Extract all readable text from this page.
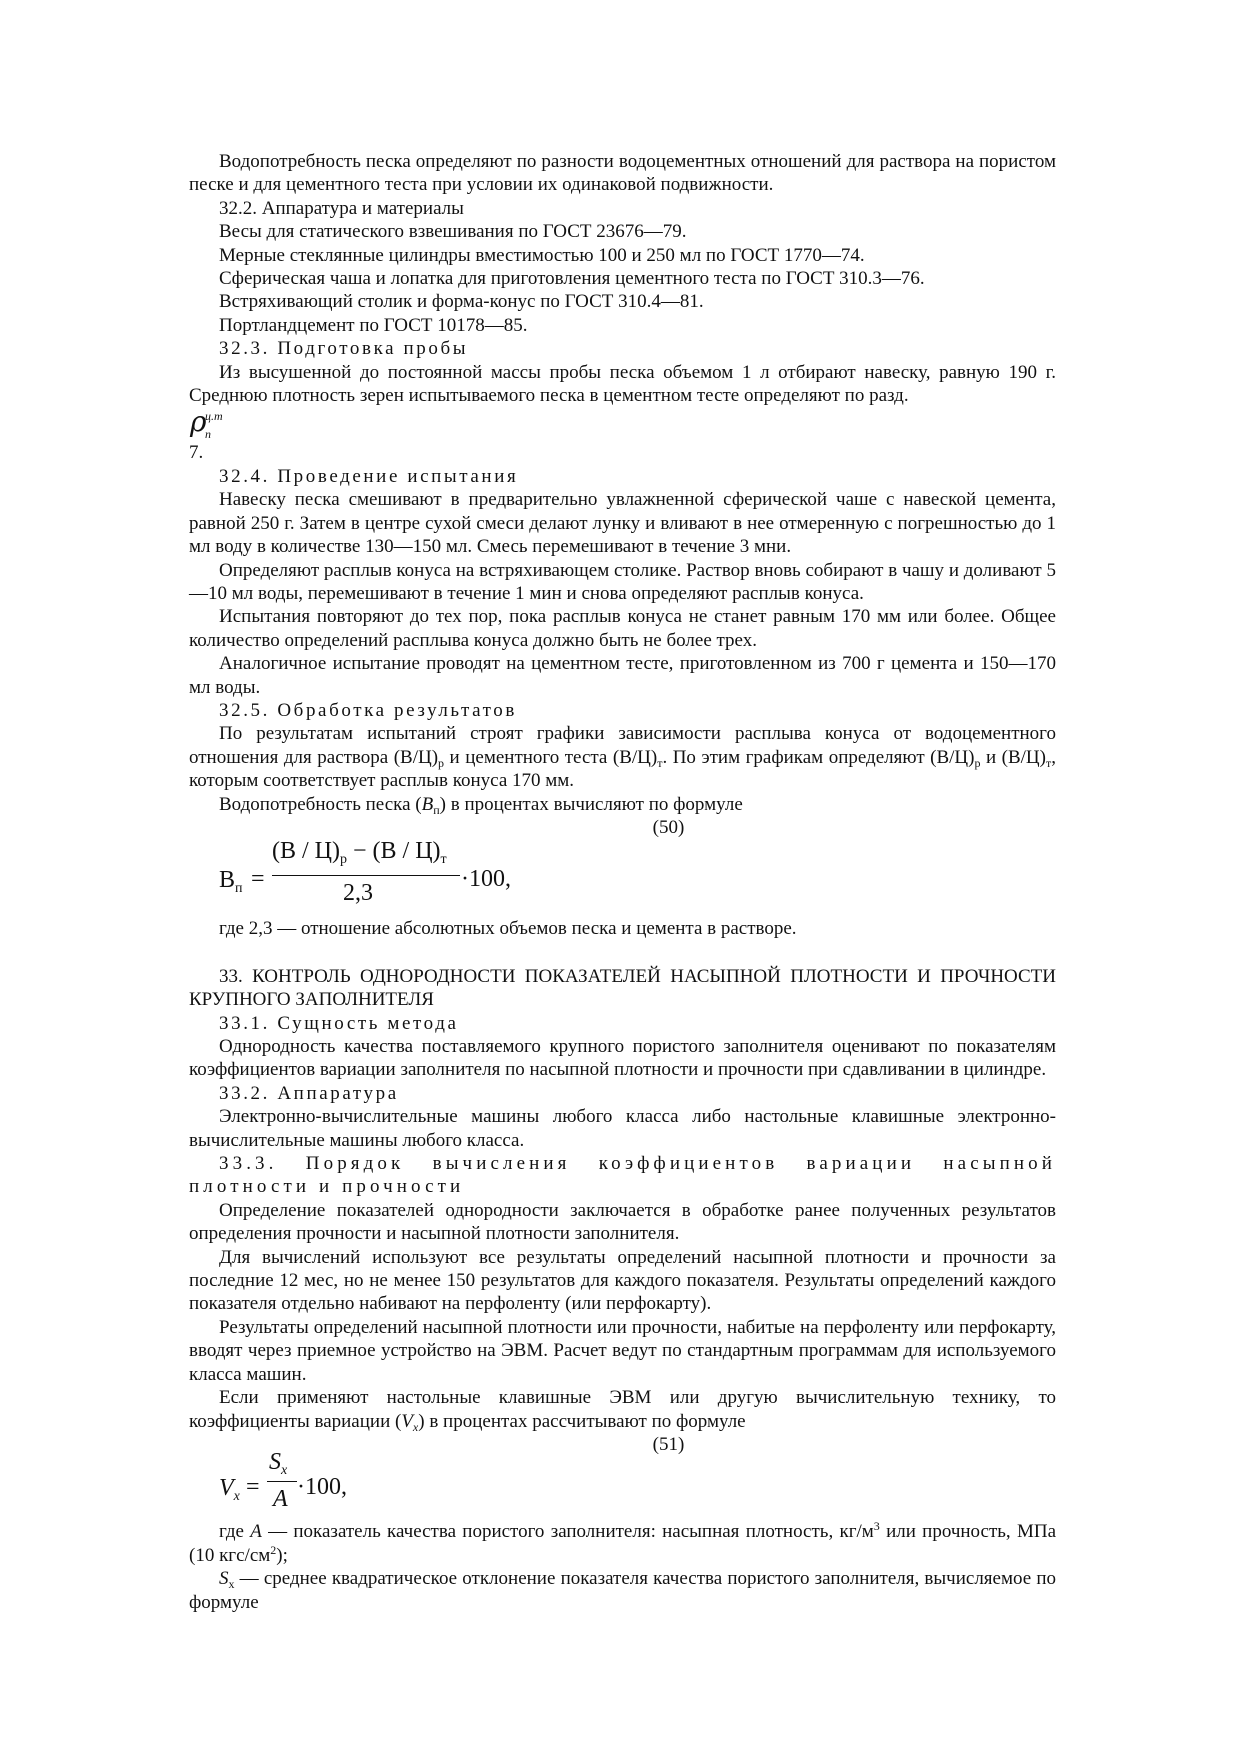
Водопотребность песка определяют по разности водоцементных отношений для раствора на пористом песке и для цементного теста при условии их одинаковой подвижности.

32.2. Аппаратура и материалы

Весы для статического взвешивания по ГОСТ 23676—79.

Мерные стеклянные цилиндры вместимостью 100 и 250 мл по ГОСТ 1770—74.

Сферическая чаша и лопатка для приготовления цементного теста по ГОСТ 310.3—76.

Встряхивающий столик и форма-конус по ГОСТ 310.4—81.

Портландцемент по ГОСТ 10178—85.

32.3. Подготовка пробы

Из высушенной до постоянной массы пробы песка объемом 1 л отбирают навеску, равную 190 г. Среднюю плотность зерен испытываемого песка в цементном тесте определяют по разд.

ρ
ц.т
п

7.

32.4. Проведение испытания

Навеску песка смешивают в предварительно увлажненной сферической чаше с навеской цемента, равной 250 г. Затем в центре сухой смеси делают лунку и вливают в нее отмеренную с погрешностью до 1 мл воду в количестве 130—150 мл. Смесь перемешивают в течение 3 мни.

Определяют расплыв конуса на встряхивающем столике. Раствор вновь собирают в чашу и доливают 5—10 мл воды, перемешивают в течение 1 мин и снова определяют расплыв конуса.

Испытания повторяют до тех пор, пока расплыв конуса не станет равным 170 мм или более. Общее количество определений расплыва конуса должно быть не более трех.

Аналогичное испытание проводят на цементном тесте, приготовленном из 700 г цемента и 150—170 мл воды.

32.5. Обработка результатов

По результатам испытаний строят графики зависимости расплыва конуса от водоцементного отношения для раствора $(В/Ц)_р$ и цементного теста $(В/Ц)_т$. По этим графикам определяют $(В/Ц)_р$ и $(В/Ц)_т$, которым соответствует расплыв конуса 170 мм.

Водопотребность песка $(В_п)$ в процентах вычисляют по формуле

(50)

$В_п$ =
$(В / Ц)_р - (В / Ц)_т$
2,3
·100,

где 2,3 — отношение абсолютных объемов песка и цемента в растворе.

33. КОНТРОЛЬ ОДНОРОДНОСТИ ПОКАЗАТЕЛЕЙ НАСЫПНОЙ ПЛОТНОСТИ И ПРОЧНОСТИ КРУПНОГО ЗАПОЛНИТЕЛЯ

33.1. Сущность метода

Однородность качества поставляемого крупного пористого заполнителя оценивают по показателям коэффициентов вариации заполнителя по насыпной плотности и прочности при сдавливании в цилиндре.

33.2. Аппаратура

Электронно-вычислительные машины любого класса либо настольные клавишные электронно-вычислительные машины любого класса.

33.3. Порядок вычисления коэффициентов вариации насыпной плотности и прочности

Определение показателей однородности заключается в обработке ранее полученных результатов определения прочности и насыпной плотности заполнителя.

Для вычислений используют все результаты определений насыпной плотности и прочности за последние 12 мес, но не менее 150 результатов для каждого показателя. Результаты определений каждого показателя отдельно набивают на перфоленту (или перфокарту).

Результаты определений насыпной плотности или прочности, набитые на перфоленту или перфокарту, вводят через приемное устройство на ЭВМ. Расчет ведут по стандартным программам для используемого класса машин.

Если применяют настольные клавишные ЭВМ или другую вычислительную технику, то коэффициенты вариации $(V_x)$ в процентах рассчитывают по формуле

(51)

$V_x$ =
$S_x$
A ·100,

где А — показатель качества пористого заполнителя: насыпная плотность, $кг/м^3$ или прочность, МПа (10 кгс/$см^2$);

$S_x$ — среднее квадратическое отклонение показателя качества пористого заполнителя, вычисляемое по формуле
